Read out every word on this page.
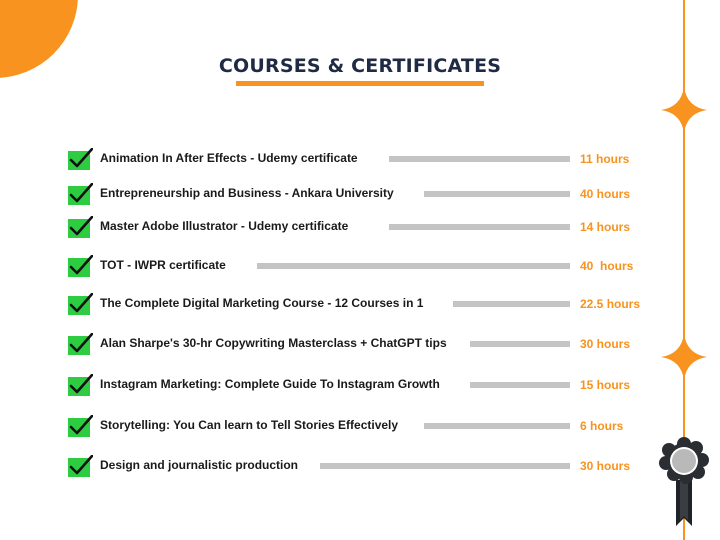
COURSES & CERTIFICATES
Animation In After Effects - Udemy certificate	11 hours
Entrepreneurship and Business - Ankara University	40 hours
Master Adobe Illustrator - Udemy certificate	14 hours
TOT - IWPR certificate	40  hours
The Complete Digital Marketing Course - 12 Courses in 1	22.5 hours
Alan Sharpe's 30-hr Copywriting Masterclass + ChatGPT tips	30 hours
Instagram Marketing: Complete Guide To Instagram Growth	15 hours
Storytelling: You Can learn to Tell Stories Effectively	6 hours
Design and journalistic production	30 hours
